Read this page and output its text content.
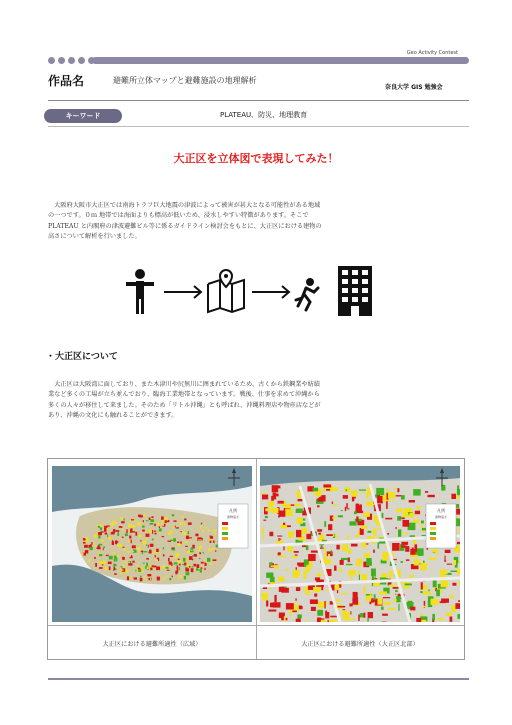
Geo Activity Contest
作品名	避難所立体マップと避難施設の地理解析
奈良大学 GIS 勉強会
キーワード	PLATEAU、防災、地理教育
大正区を立体図で表現してみた！
　大阪府大阪市大正区では南海トラフ巨大地震の津波によって被害が甚大となる可能性がある地域
の一つです。０ｍ 地帯では海面よりも標高が低いため、浸水しやすい特徴があります。そこで
PLATEAU と内閣府の津波避難ビル等に係るガイドライン検討会をもとに、大正区における建物の
高さについて解析を行いました。
・大正区について
　大正区は大阪湾に面しており、また木津川や尻無川に囲まれているため、古くから鉄鋼業や紡績
業など多くの工場が立ち並んでおり、臨海工業地帯となっています。戦後、仕事を求めて沖縄から
多くの人々が移住して来ました。そのため「リトル沖縄」とも呼ばれ、沖縄料理店や物産店などが
あり、沖縄の文化にも触れることができます。
凡例
建物高さ
凡例
建物高さ
大正区における避難所適性（広域）	大正区における避難所適性（大正区北部）
